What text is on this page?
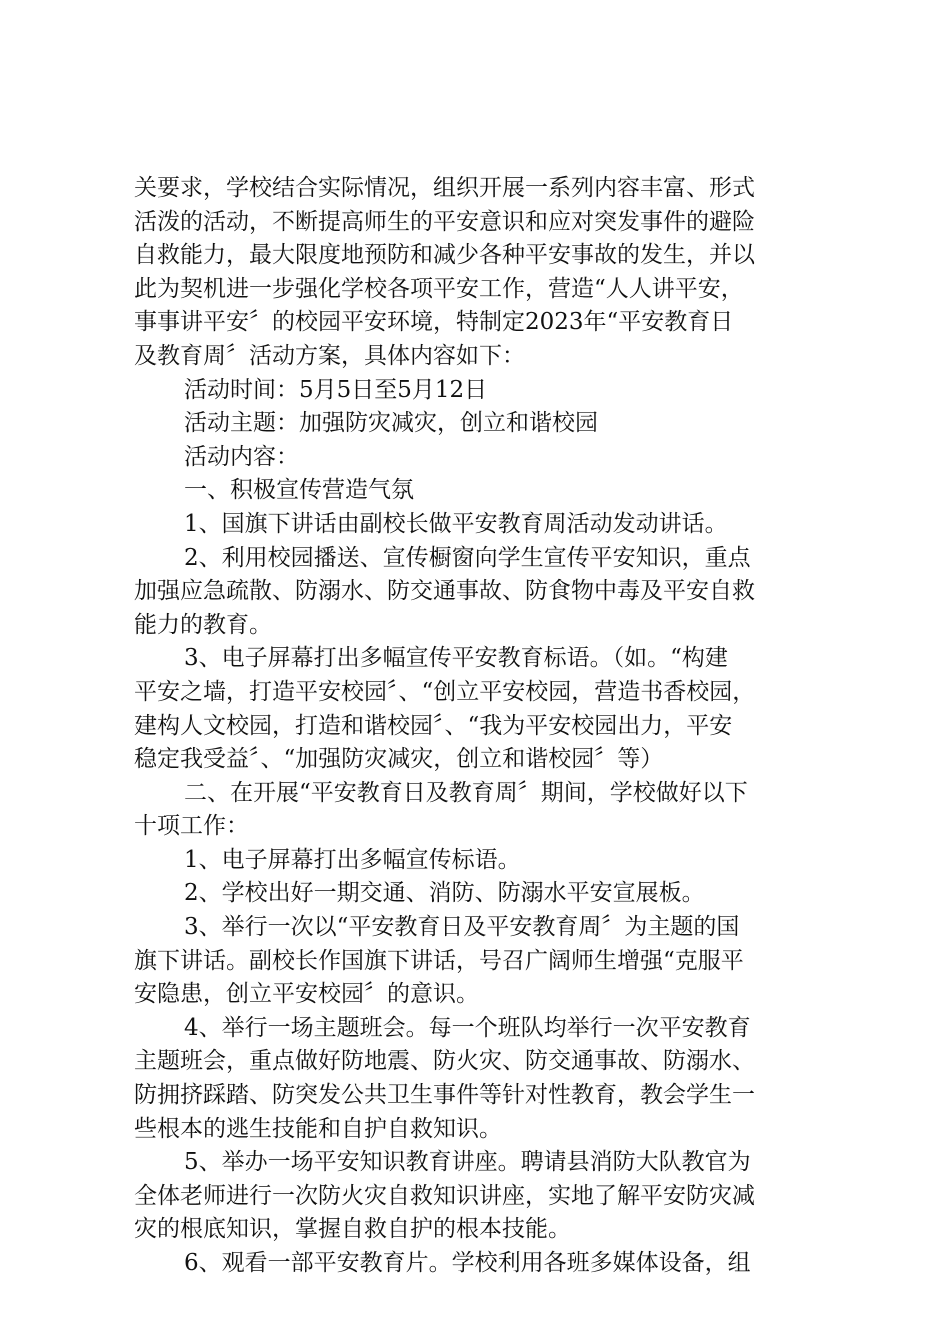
关要求，学校结合实际情况，组织开展一系列内容丰富、形式

活泼的活动，不断提高师生的平安意识和应对突发事件的避险

自救能力，最大限度地预防和减少各种平安事故的发生，并以

此为契机进一步强化学校各项平安工作，营造“人人讲平安，

事事讲平安〞的校园平安环境，特制定2023年“平安教育日

及教育周〞活动方案，具体内容如下：

活动时间：5月5日至5月12日

活动主题：加强防灾减灾，创立和谐校园

活动内容：

一、积极宣传营造气氛

1、国旗下讲话由副校长做平安教育周活动发动讲话。

2、利用校园播送、宣传橱窗向学生宣传平安知识，重点

加强应急疏散、防溺水、防交通事故、防食物中毒及平安自救

能力的教育。

3、电子屏幕打出多幅宣传平安教育标语。（如。“构建

平安之墙，打造平安校园〞、“创立平安校园，营造书香校园，

建构人文校园，打造和谐校园〞、“我为平安校园出力，平安

稳定我受益〞、“加强防灾减灾，创立和谐校园〞等）

二、在开展“平安教育日及教育周〞期间，学校做好以下

十项工作：

1、电子屏幕打出多幅宣传标语。

2、学校出好一期交通、消防、防溺水平安宣展板。

3、举行一次以“平安教育日及平安教育周〞为主题的国

旗下讲话。副校长作国旗下讲话，号召广阔师生增强“克服平

安隐患，创立平安校园〞的意识。

4、举行一场主题班会。每一个班队均举行一次平安教育

主题班会，重点做好防地震、防火灾、防交通事故、防溺水、

防拥挤踩踏、防突发公共卫生事件等针对性教育，教会学生一

些根本的逃生技能和自护自救知识。

5、举办一场平安知识教育讲座。聘请县消防大队教官为

全体老师进行一次防火灾自救知识讲座，实地了解平安防灾减

灾的根底知识，掌握自救自护的根本技能。

6、观看一部平安教育片。学校利用各班多媒体设备，组
